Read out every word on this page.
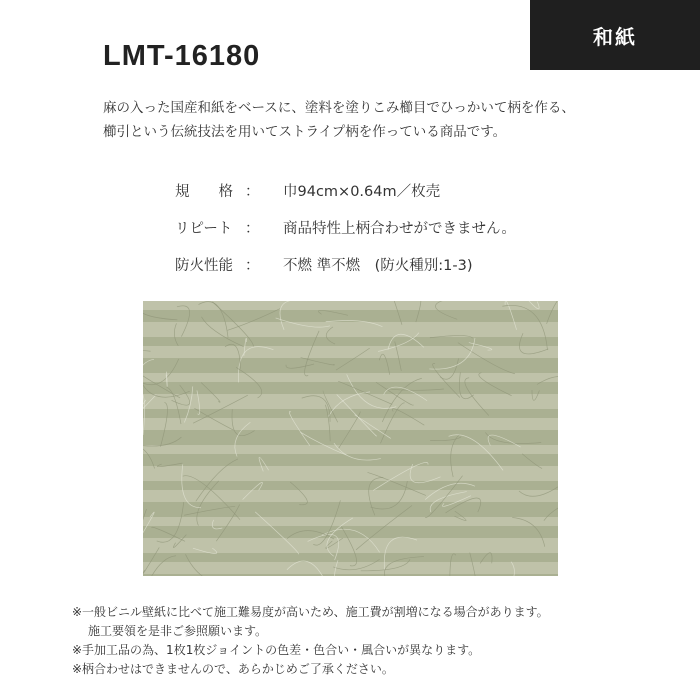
和紙
LMT-16180
麻の入った国産和紙をベースに、塗料を塗りこみ櫛目でひっかいて柄を作る、
櫛引という伝統技法を用いてストライプ柄を作っている商品です。
規　　格 ：	巾94cm×0.64m／枚売
リピート ：	商品特性上柄合わせができません。
防火性能 ：	不燃 準不燃　(防火種別:1-3)
※一般ビニル壁紙に比べて施工難易度が高いため、施工費が割増になる場合があります。
施工要領を是非ご参照願います。
※手加工品の為、1枚1枚ジョイントの色差・色合い・風合いが異なります。
※柄合わせはできませんので、あらかじめご了承ください。
